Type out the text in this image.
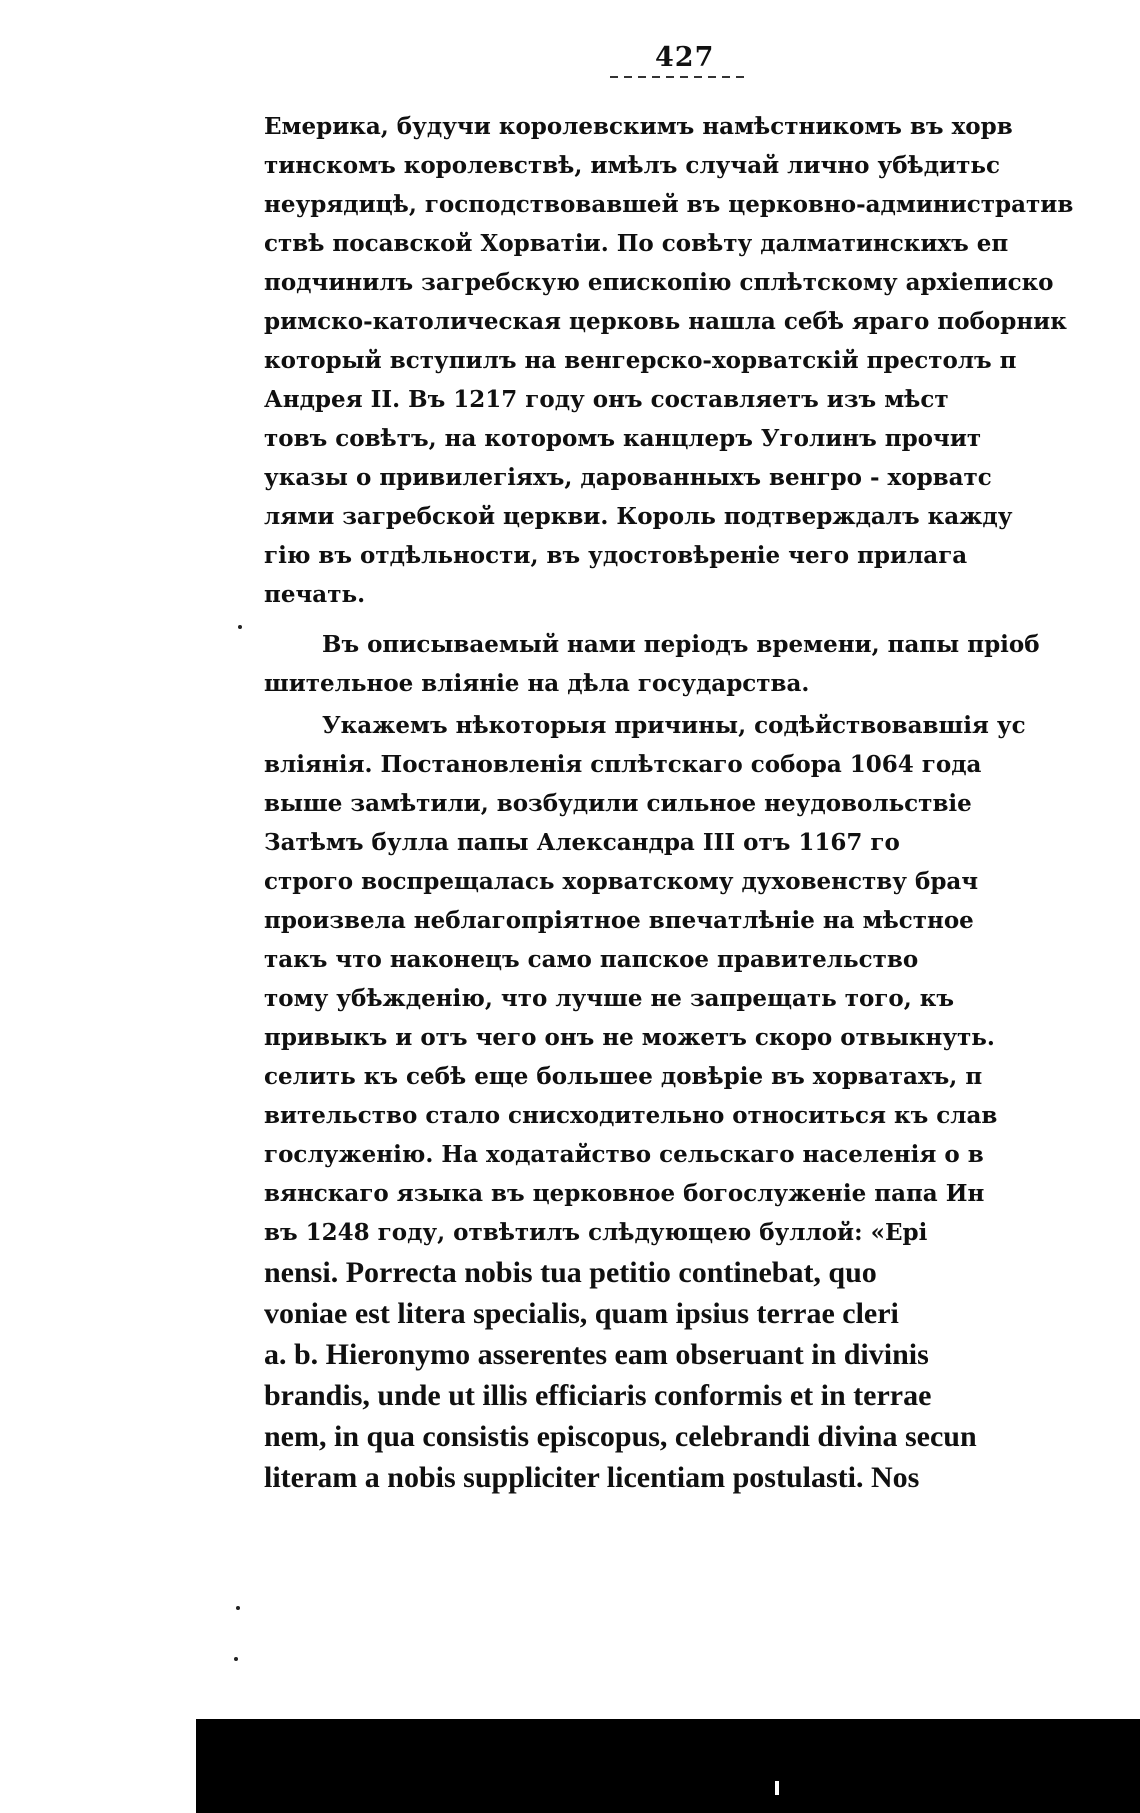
427
Емерика, будучи королевскимъ намѣстникомъ въ хорв
тинскомъ королевствѣ, имѣлъ случай лично убѣдитьс
неурядицѣ, господствовавшей въ церковно-административ
ствѣ посавской Хорватіи. По совѣту далматинскихъ еп
подчинилъ загребскую епископію сплѣтскому архіеписко
римско-католическая церковь нашла себѣ ярaго поборник
который вступилъ на венгерско-хорватскій престолъ п
Андрея II. Въ 1217 году онъ составляетъ изъ мѣст
товъ совѣтъ, на которомъ канцлеръ Уголинъ прочит
указы о привилегіяхъ, дарованныхъ венгро - хорватс
лями загребской церкви. Король подтверждалъ кажду
гію въ отдѣльности, въ удостовѣреніе чего прилага
печать.
Въ описываемый нами періодъ времени, папы пріоб
шительное вліяніе на дѣла государства.
Укажемъ нѣкоторыя причины, содѣйствовавшія ус
вліянія. Постановленія сплѣтскаго собора 1064 года
выше замѣтили, возбудили сильное неудовольствіе
Затѣмъ булла папы Александра III отъ 1167 го
строго воспрещалась хорватскому духовенству брач
произвела неблагопріятное впечатлѣніе на мѣстное
такъ что наконецъ само папское правительство
тому убѣжденію, что лучше не запрещать того, къ
привыкъ и отъ чего онъ не можетъ скоро отвыкнуть.
селить къ себѣ еще большее довѣріе въ хорватахъ, п
вительство стало снисходительно относиться къ слав
гослуженію. На ходатайство сельскаго населенія о в
вянскаго языка въ церковное богослуженіе папа Ин
въ 1248 году, отвѣтилъ слѣдующею буллой: «Epi
nensi. Porrecta nobis tua petitio continebat, quo
voniae est litera specialis, quam ipsius terrae cleri
a. b. Hieronymo asserentes eam obseruant in divinis
brandis, unde ut illis efficiaris conformis et in terrae
nem, in qua consistis episcopus, celebrandi divina secun
literam a nobis suppliciter licentiam postulasti. Nos
